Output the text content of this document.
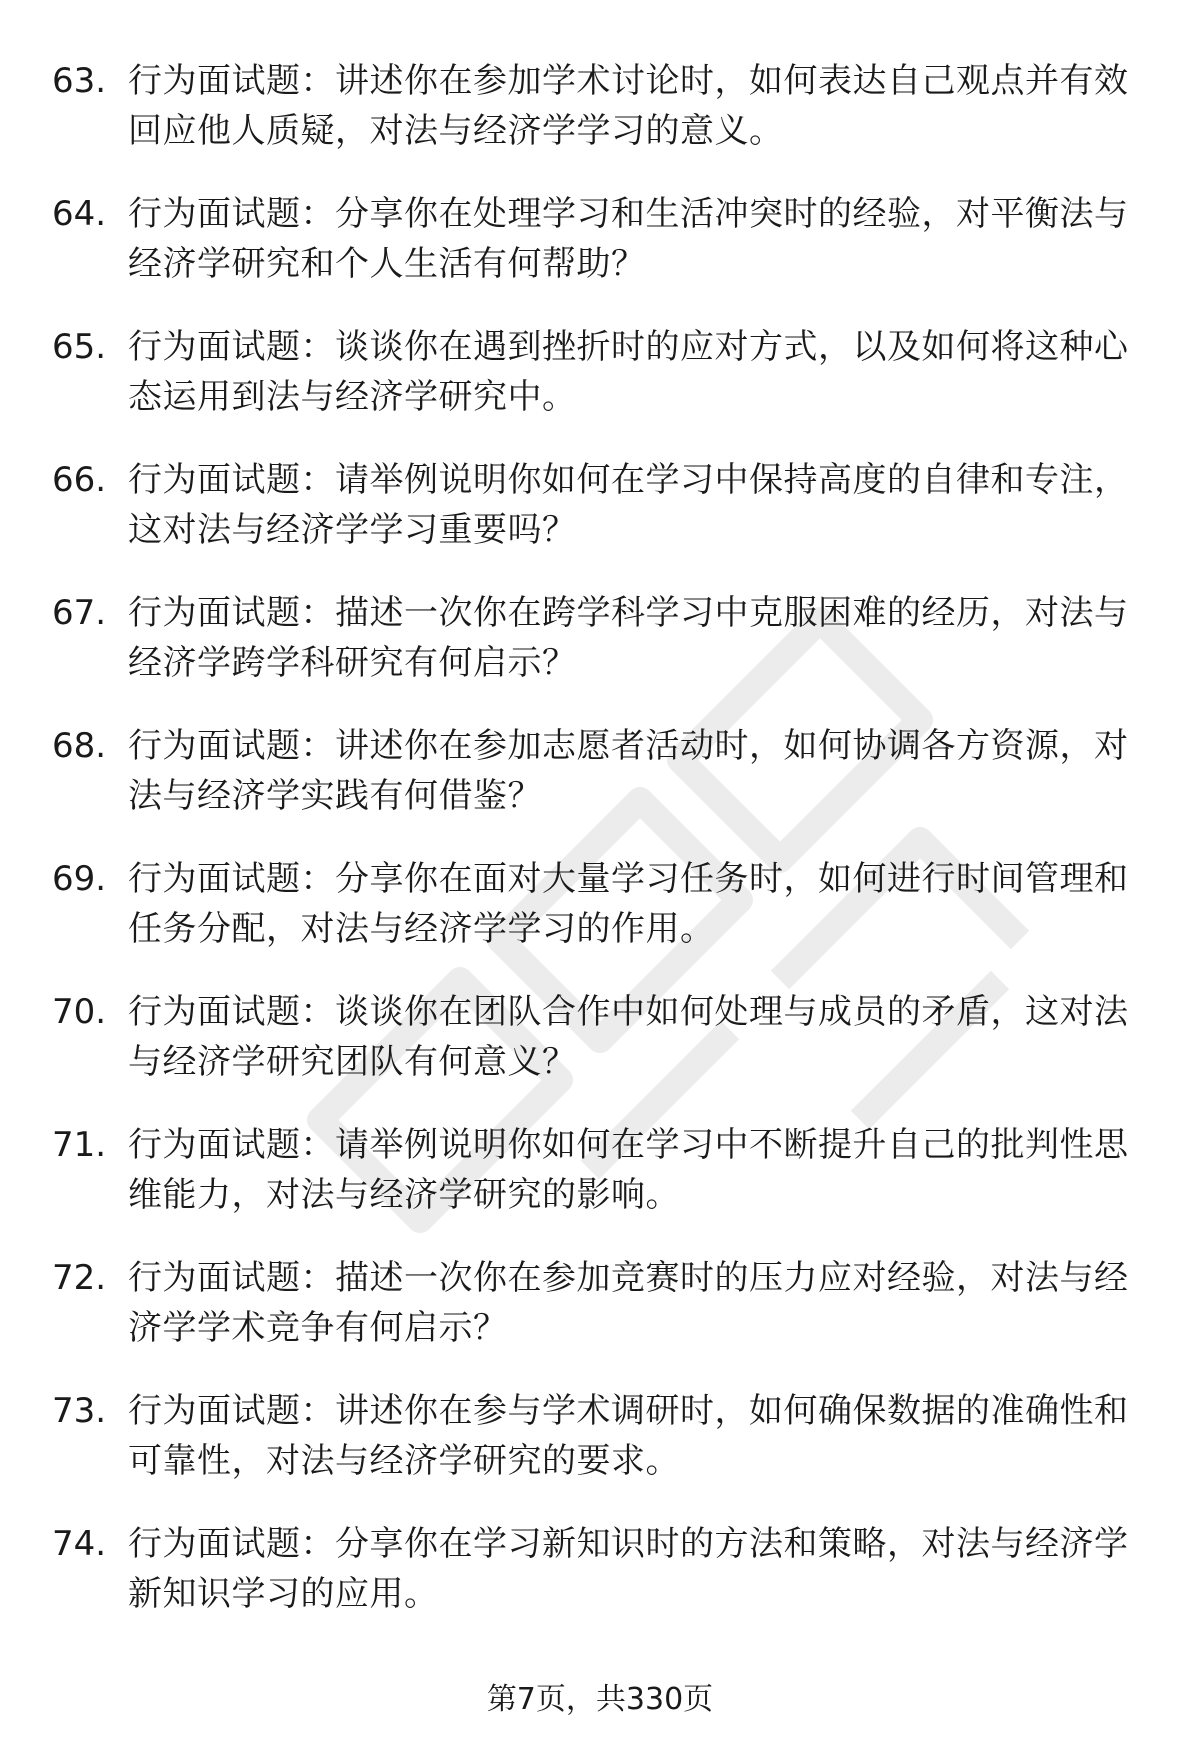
63. 行为面试题：讲述你在参加学术讨论时，如何表达自己观点并有效回应他人质疑，对法与经济学学习的意义。
64. 行为面试题：分享你在处理学习和生活冲突时的经验，对平衡法与经济学研究和个人生活有何帮助？
65. 行为面试题：谈谈你在遇到挫折时的应对方式，以及如何将这种心态运用到法与经济学研究中。
66. 行为面试题：请举例说明你如何在学习中保持高度的自律和专注，这对法与经济学学习重要吗？
67. 行为面试题：描述一次你在跨学科学习中克服困难的经历，对法与经济学跨学科研究有何启示？
68. 行为面试题：讲述你在参加志愿者活动时，如何协调各方资源，对法与经济学实践有何借鉴？
69. 行为面试题：分享你在面对大量学习任务时，如何进行时间管理和任务分配，对法与经济学学习的作用。
70. 行为面试题：谈谈你在团队合作中如何处理与成员的矛盾，这对法与经济学研究团队有何意义？
71. 行为面试题：请举例说明你如何在学习中不断提升自己的批判性思维能力，对法与经济学研究的影响。
72. 行为面试题：描述一次你在参加竞赛时的压力应对经验，对法与经济学学术竞争有何启示？
73. 行为面试题：讲述你在参与学术调研时，如何确保数据的准确性和可靠性，对法与经济学研究的要求。
74. 行为面试题：分享你在学习新知识时的方法和策略，对法与经济学新知识学习的应用。
第7页，共330页
